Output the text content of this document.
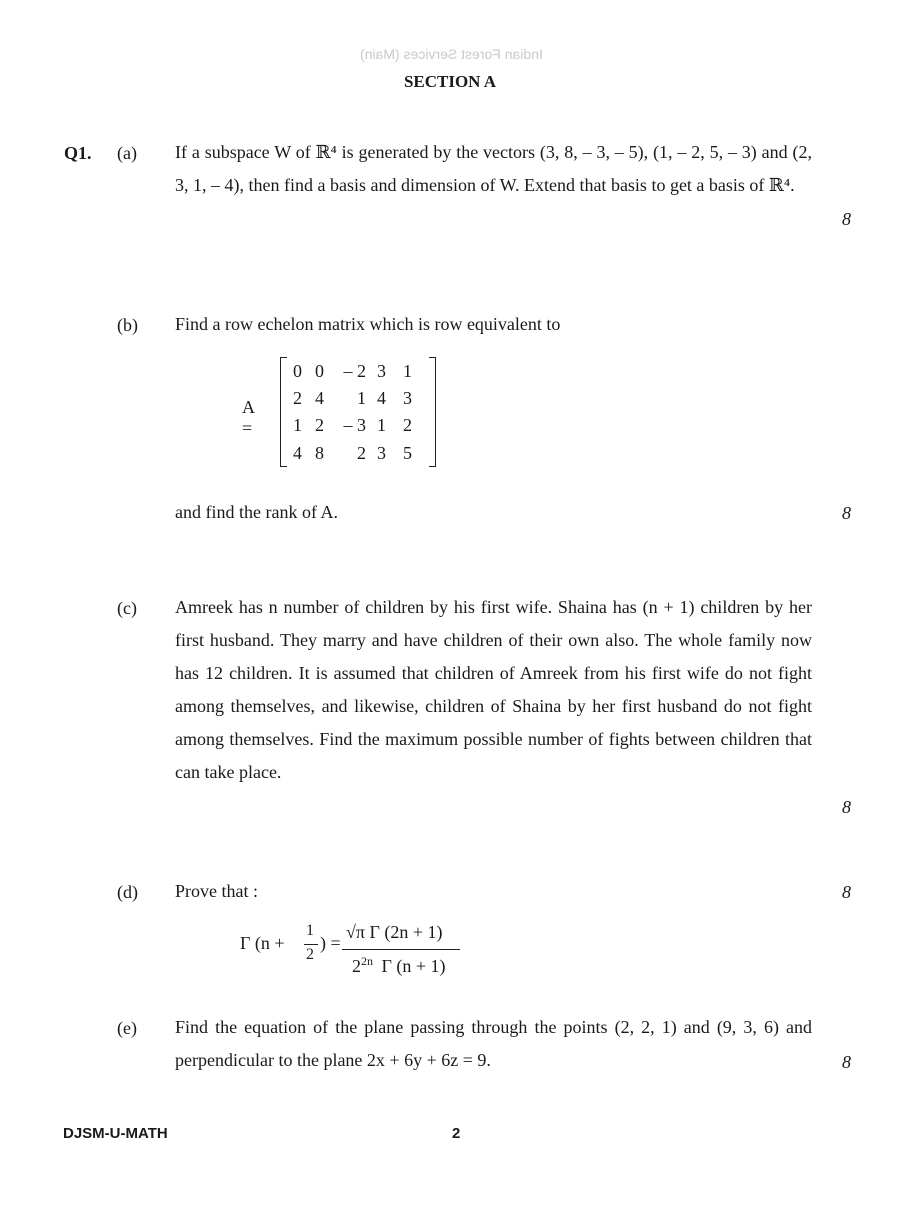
Indian Forest Services (Main)
SECTION A
Q1. (a) If a subspace W of ℝ⁴ is generated by the vectors (3, 8, – 3, – 5), (1, – 2, 5, – 3) and (2, 3, 1, – 4), then find a basis and dimension of W. Extend that basis to get a basis of ℝ⁴.
8
(b) Find a row echelon matrix which is row equivalent to
A =
0 0	– 2 3 1
2 4	1 4 3
1 2	– 3 1 2
4 8	2 3 5
and find the rank of A.	8
(c) Amreek has n number of children by his first wife. Shaina has (n + 1) children by her first husband. They marry and have children of their own also. The whole family now has 12 children. It is assumed that children of Amreek from his first wife do not fight among themselves, and likewise, children of Shaina by her first husband do not fight among themselves. Find the maximum possible number of fights between children that can take place.
8
(d) Prove that :	8
Γ (n +
1
2
) =
√π Γ (2n + 1)
$2^{2n}$ Γ (n + 1)
(e) Find the equation of the plane passing through the points (2, 2, 1) and (9, 3, 6) and perpendicular to the plane 2x + 6y + 6z = 9.	8
DJSM-U-MATH	2
